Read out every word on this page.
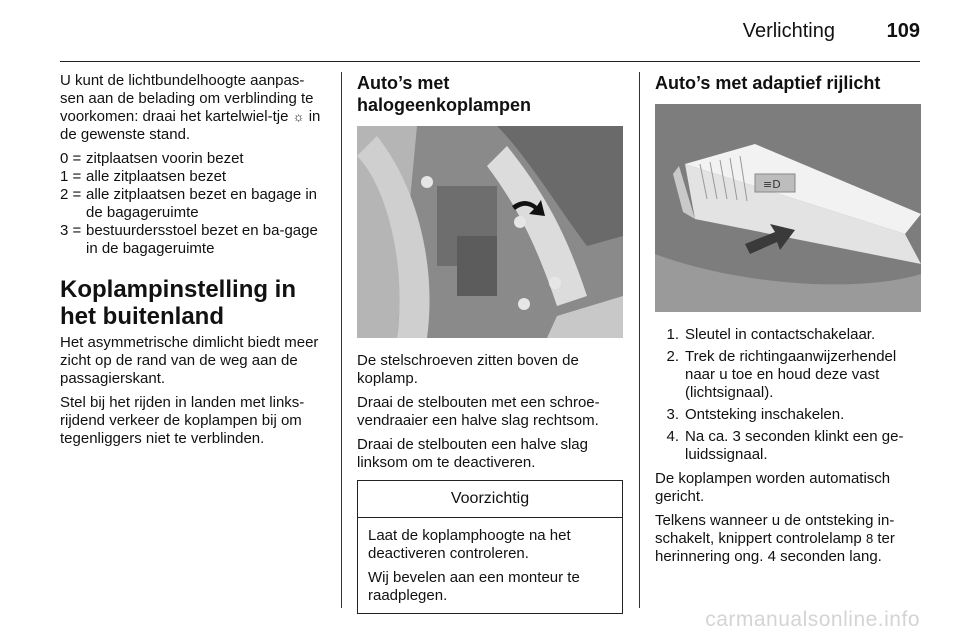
Verlichting	109

U kunt de lichtbundelhoogte aanpas-sen aan de belading om verblinding te voorkomen: draai het kartelwiel-tje ☼ in de gewenste stand.

0 = zitplaatsen voorin bezet
1 = alle zitplaatsen bezet
2 = alle zitplaatsen bezet en bagage in de bagageruimte
3 = bestuurdersstoel bezet en ba-gage in de bagageruimte
Koplampinstelling in het buitenland

Het asymmetrische dimlicht biedt meer zicht op de rand van de weg aan de passagierskant.

Stel bij het rijden in landen met links-rijdend verkeer de koplampen bij om tegenliggers niet te verblinden.

Auto’s met halogeenkoplampen

De stelschroeven zitten boven de koplamp.

Draai de stelbouten met een schroe-vendraaier een halve slag rechtsom.

Draai de stelbouten een halve slag linksom om te deactiveren.

Voorzichtig

Laat de koplamphoogte na het deactiveren controleren.

Wij bevelen aan een monteur te raadplegen.

Auto’s met adaptief rijlicht
≡D
1. Sleutel in contactschakelaar.
2. Trek de richtingaanwijzerhendel naar u toe en houd deze vast (lichtsignaal).
3. Ontsteking inschakelen.
4. Na ca. 3 seconden klinkt een ge-luidssignaal.

De koplampen worden automatisch gericht.

Telkens wanneer u de ontsteking in-schakelt, knippert controlelamp 8 ter herinnering ong. 4 seconden lang.

carmanualsonline.info
